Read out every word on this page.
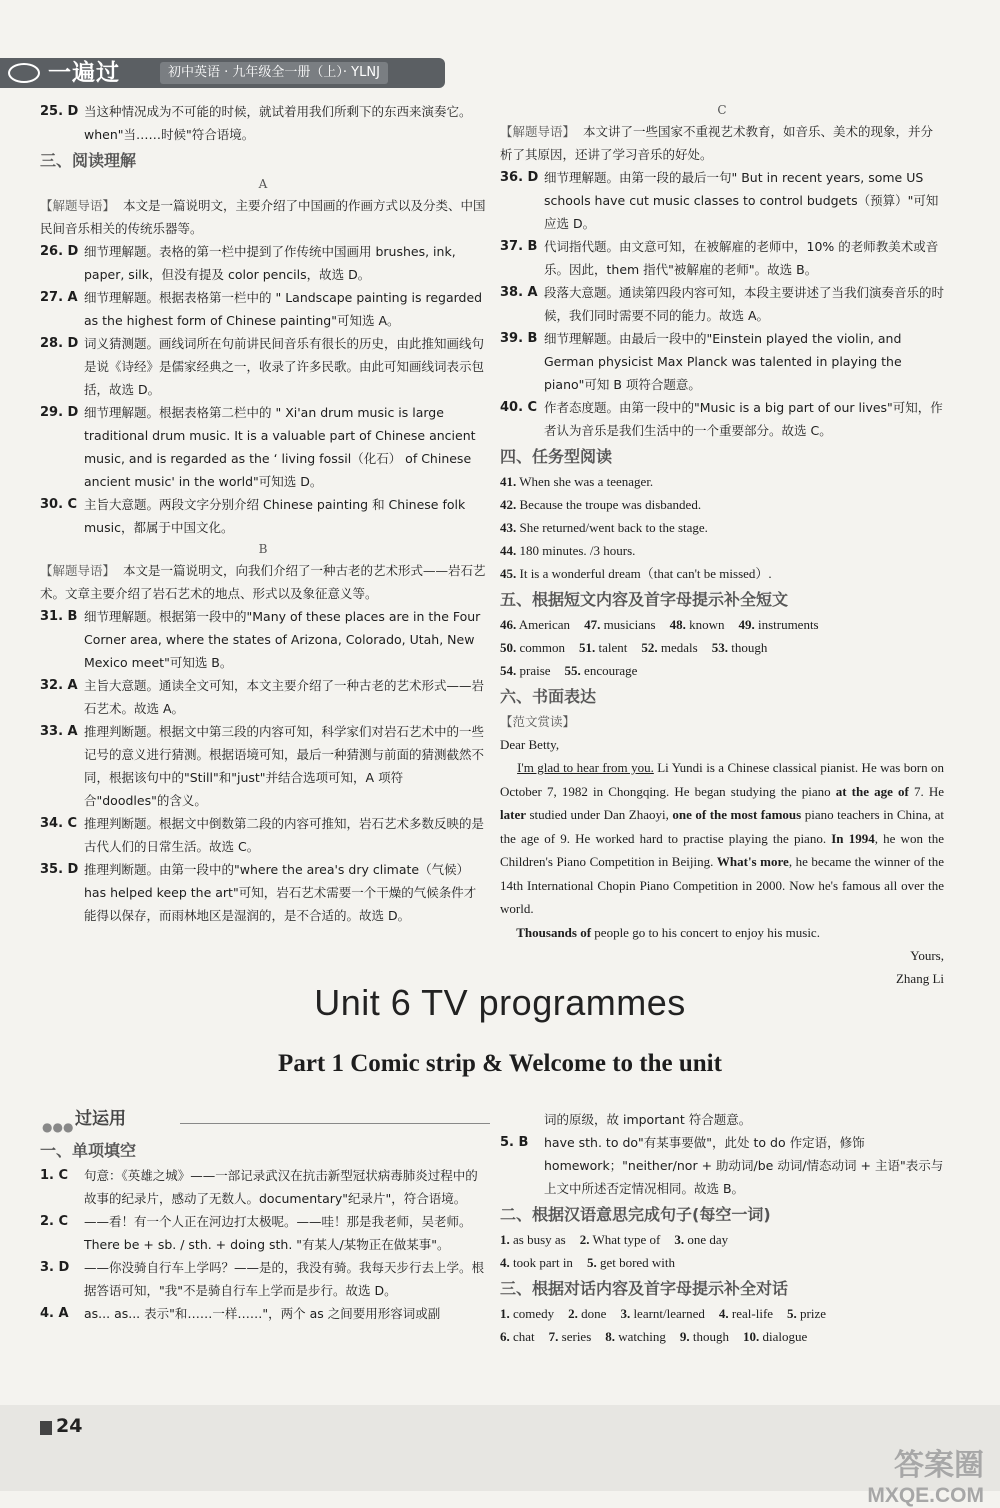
一遍过	初中英语 · 九年级全一册（上）· YLNJ
25. D 当这种情况成为不可能的时候，就试着用我们所剩下的东西来演奏它。when"当……时候"符合语境。
三、阅读理解
A
【解题导语】 本文是一篇说明文，主要介绍了中国画的作画方式以及分类、中国民间音乐相关的传统乐器等。
26. D 细节理解题。表格的第一栏中提到了作传统中国画用 brushes, ink, paper, silk，但没有提及 color pencils，故选 D。
27. A 细节理解题。根据表格第一栏中的 " Landscape painting is regarded as the highest form of Chinese painting"可知选 A。
28. D 词义猜测题。画线词所在句前讲民间音乐有很长的历史，由此推知画线句是说《诗经》是儒家经典之一，收录了许多民歌。由此可知画线词表示包括，故选 D。
29. D 细节理解题。根据表格第二栏中的 " Xi'an drum music is large traditional drum music. It is a valuable part of Chinese ancient music, and is regarded as the ‘ living fossil（化石） of Chinese ancient music' in the world"可知选 D。
30. C 主旨大意题。两段文字分别介绍 Chinese painting 和 Chinese folk music，都属于中国文化。
B
【解题导语】 本文是一篇说明文，向我们介绍了一种古老的艺术形式——岩石艺术。文章主要介绍了岩石艺术的地点、形式以及象征意义等。
31. B 细节理解题。根据第一段中的"Many of these places are in the Four Corner area, where the states of Arizona, Colorado, Utah, New Mexico meet"可知选 B。
32. A 主旨大意题。通读全文可知，本文主要介绍了一种古老的艺术形式——岩石艺术。故选 A。
33. A 推理判断题。根据文中第三段的内容可知，科学家们对岩石艺术中的一些记号的意义进行猜测。根据语境可知，最后一种猜测与前面的猜测截然不同，根据该句中的"Still"和"just"并结合选项可知，A 项符合"doodles"的含义。
34. C 推理判断题。根据文中倒数第二段的内容可推知，岩石艺术多数反映的是古代人们的日常生活。故选 C。
35. D 推理判断题。由第一段中的"where the area's dry climate（气候） has helped keep the art"可知，岩石艺术需要一个干燥的气候条件才能得以保存，而雨林地区是湿润的，是不合适的。故选 D。
C
【解题导语】 本文讲了一些国家不重视艺术教育，如音乐、美术的现象，并分析了其原因，还讲了学习音乐的好处。
36. D 细节理解题。由第一段的最后一句" But in recent years, some US schools have cut music classes to control budgets（预算）"可知应选 D。
37. B 代词指代题。由文意可知，在被解雇的老师中，10% 的老师教美术或音乐。因此，them 指代"被解雇的老师"。故选 B。
38. A 段落大意题。通读第四段内容可知，本段主要讲述了当我们演奏音乐的时候，我们同时需要不同的能力。故选 A。
39. B 细节理解题。由最后一段中的"Einstein played the violin, and German physicist Max Planck was talented in playing the piano"可知 B 项符合题意。
40. C 作者态度题。由第一段中的"Music is a big part of our lives"可知，作者认为音乐是我们生活中的一个重要部分。故选 C。
四、任务型阅读
41. When she was a teenager.
42. Because the troupe was disbanded.
43. She returned/went back to the stage.
44. 180 minutes. /3 hours.
45. It is a wonderful dream（that can't be missed）.
五、根据短文内容及首字母提示补全短文
46. American 47. musicians 48. known 49. instruments
50. common 51. talent 52. medals 53. though
54. praise 55. encourage
六、书面表达
【范文赏读】
Dear Betty,
I'm glad to hear from you. Li Yundi is a Chinese classical pianist. He was born on October 7, 1982 in Chongqing. He began studying the piano at the age of 7. He later studied under Dan Zhaoyi, one of the most famous piano teachers in China, at the age of 9. He worked hard to practise playing the piano. In 1994, he won the Children's Piano Competition in Beijing. What's more, he became the winner of the 14th International Chopin Piano Competition in 2000. Now he's famous all over the world.
Thousands of people go to his concert to enjoy his music.
Yours,
Zhang Li
Unit 6 TV programmes
Part 1 Comic strip & Welcome to the unit
●●● 过运用
一、单项填空
1. C 句意：《英雄之城》——一部记录武汉在抗击新型冠状病毒肺炎过程中的故事的纪录片，感动了无数人。documentary"纪录片"，符合语境。
2. C ——看！有一个人正在河边打太极呢。——哇！那是我老师，吴老师。There be + sb. / sth. + doing sth. "有某人/某物正在做某事"。
3. D ——你没骑自行车上学吗？——是的，我没有骑。我每天步行去上学。根据答语可知，"我"不是骑自行车上学而是步行。故选 D。
4. A as... as... 表示"和……一样……"，两个 as 之间要用形容词或副
词的原级，故 important 符合题意。
5. B have sth. to do"有某事要做"，此处 to do 作定语，修饰 homework；"neither/nor + 助动词/be 动词/情态动词 + 主语"表示与上文中所述否定情况相同。故选 B。
二、根据汉语意思完成句子(每空一词)
1. as busy as 2. What type of 3. one day
4. took part in 5. get bored with
三、根据对话内容及首字母提示补全对话
1. comedy 2. done 3. learnt/learned 4. real-life 5. prize
6. chat 7. series 8. watching 9. though 10. dialogue
24
答案圈
MXQE.COM
